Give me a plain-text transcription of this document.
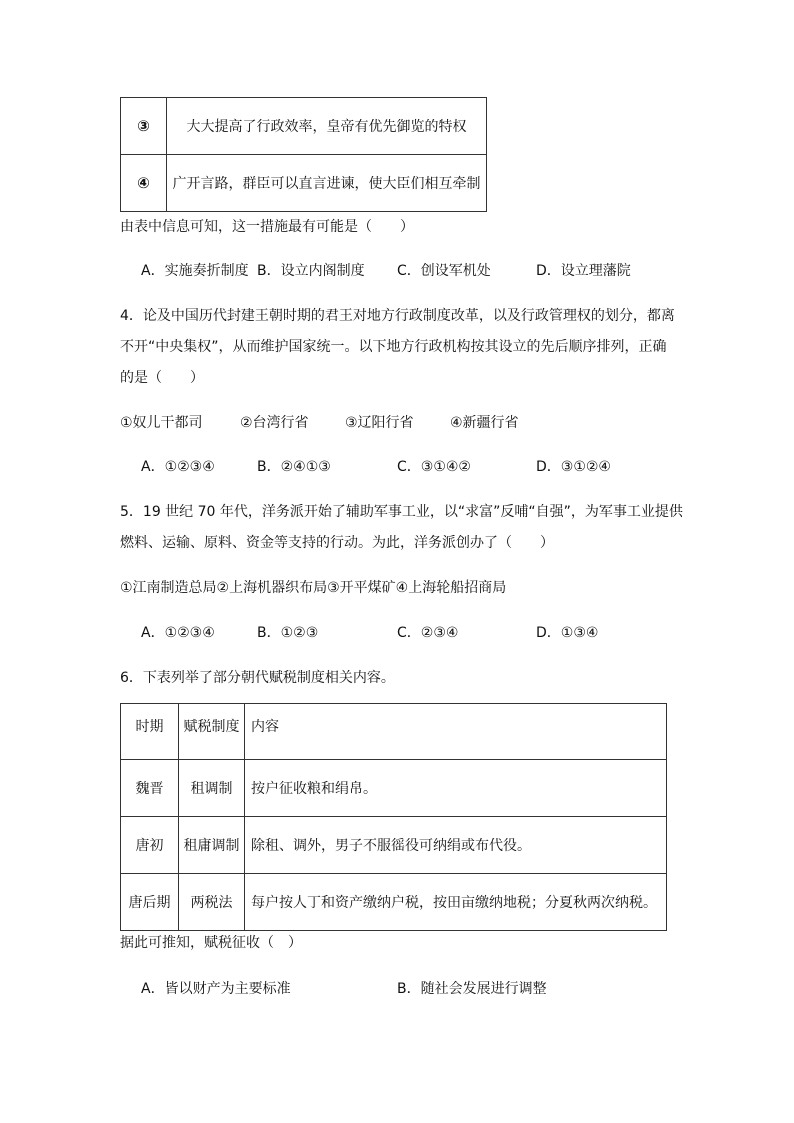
③	大大提高了行政效率，皇帝有优先御览的特权
④	广开言路，群臣可以直言进谏，使大臣们相互牵制
由表中信息可知，这一措施最有可能是（　　）
A．实施奏折制度 B．设立内阁制度 C．创设军机处	D．设立理藩院
4．论及中国历代封建王朝时期的君王对地方行政制度改革，以及行政管理权的划分，都离
不开“中央集权”，从而维护国家统一。以下地方行政机构按其设立的先后顺序排列，正确
的是（　　）
①奴儿干都司	②台湾行省	③辽阳行省	④新疆行省
A．①②③④	B．②④①③	C．③①④②	D．③①②④
5．19 世纪 70 年代，洋务派开始了辅助军事工业，以“求富”反哺“自强”，为军事工业提供
燃料、运输、原料、资金等支持的行动。为此，洋务派创办了（　　）
①江南制造总局②上海机器织布局③开平煤矿④上海轮船招商局
A．①②③④	B．①②③	C．②③④	D．①③④
6．下表列举了部分朝代赋税制度相关内容。
时期	赋税制度	内容
魏晋	租调制	按户征收粮和绢帛。
唐初	租庸调制	除租、调外，男子不服徭役可纳绢或布代役。
唐后期	两税法	每户按人丁和资产缴纳户税，按田亩缴纳地税；分夏秋两次纳税。
据此可推知，赋税征收（　）
A．皆以财产为主要标准	B．随社会发展进行调整
